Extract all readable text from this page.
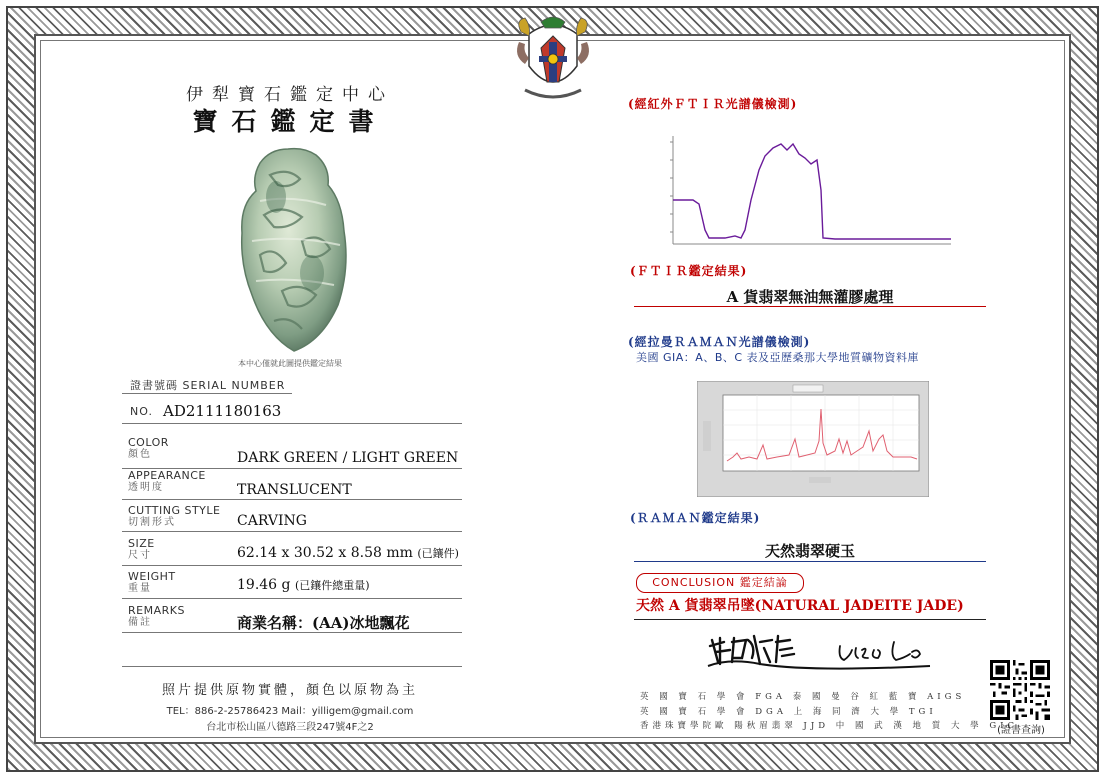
伊犁寶石鑑定中心
寶石鑑定書
本中心僅就此圖提供鑑定結果
證書號碼 SERIAL NUMBER
NO. AD2111180163
COLOR
顏色	DARK GREEN / LIGHT GREEN
APPEARANCE
透明度	TRANSLUCENT
CUTTING STYLE
切割形式	CARVING
SIZE
尺寸	62.14 x 30.52 x 8.58 mm (已鑲件)
WEIGHT
重量	19.46 g (已鑲件總重量)
REMARKS
備註	商業名稱：(AA)冰地飄花
照片提供原物實體，顏色以原物為主
TEL：886-2-25786423 Mail：yilligem@gmail.com
台北市松山區八德路三段247號4F之2
(經紅外ＦＴＩＲ光譜儀檢測)
(ＦＴＩＲ鑑定結果)
A 貨翡翠無油無灌膠處理
(經拉曼ＲＡＭＡＮ光譜儀檢測)
美國 GIA：A、B、C 表及亞歷桑那大學地質礦物資料庫
(ＲＡＭＡＮ鑑定結果)
天然翡翠硬玉
CONCLUSION 鑑定結論
天然 A 貨翡翠吊墜(NATURAL JADEITE JADE)
英 國 寶 石 學 會 FGA 泰 國 曼 谷 紅 藍 寶 AIGS
英 國 寶 石 學 會 DGA 上 海 同 濟 大 學 TGI
香港珠寶學院歐 陽秋眉翡翠 JJD 中 國 武 漢 地 質 大 學 GIC
(證書查詢)
